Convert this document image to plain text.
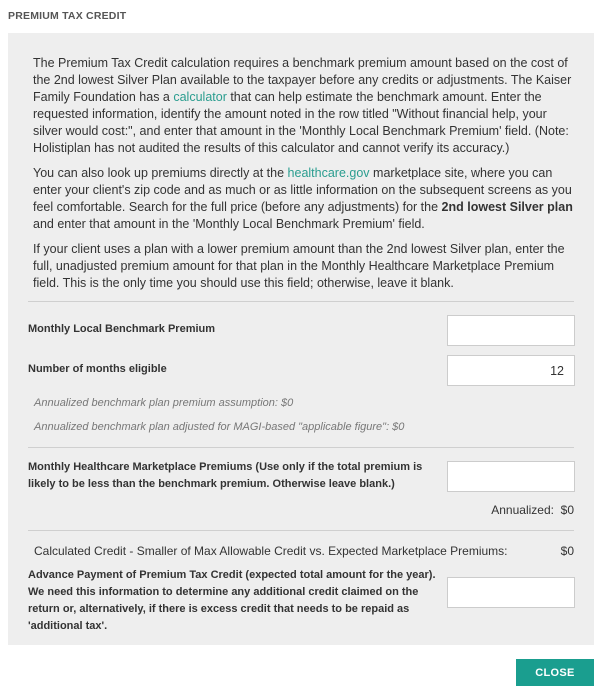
PREMIUM TAX CREDIT

The Premium Tax Credit calculation requires a benchmark premium amount based on the cost of the 2nd lowest Silver Plan available to the taxpayer before any credits or adjustments. The Kaiser Family Foundation has a calculator that can help estimate the benchmark amount. Enter the requested information, identify the amount noted in the row titled "Without financial help, your silver would cost:", and enter that amount in the 'Monthly Local Benchmark Premium' field. (Note: Holistiplan has not audited the results of this calculator and cannot verify its accuracy.)

You can also look up premiums directly at the healthcare.gov marketplace site, where you can enter your client's zip code and as much or as little information on the subsequent screens as you feel comfortable. Search for the full price (before any adjustments) for the 2nd lowest Silver plan and enter that amount in the 'Monthly Local Benchmark Premium' field.

If your client uses a plan with a lower premium amount than the 2nd lowest Silver plan, enter the full, unadjusted premium amount for that plan in the Monthly Healthcare Marketplace Premium field. This is the only time you should use this field; otherwise, leave it blank.

Monthly Local Benchmark Premium
Number of months eligible
12
Annualized benchmark plan premium assumption: $0
Annualized benchmark plan adjusted for MAGI-based "applicable figure": $0
Monthly Healthcare Marketplace Premiums (Use only if the total premium is likely to be less than the benchmark premium. Otherwise leave blank.)
Annualized: $0
Calculated Credit - Smaller of Max Allowable Credit vs. Expected Marketplace Premiums:	$0
Advance Payment of Premium Tax Credit (expected total amount for the year). We need this information to determine any additional credit claimed on the return or, alternatively, if there is excess credit that needs to be repaid as 'additional tax'.
CLOSE
